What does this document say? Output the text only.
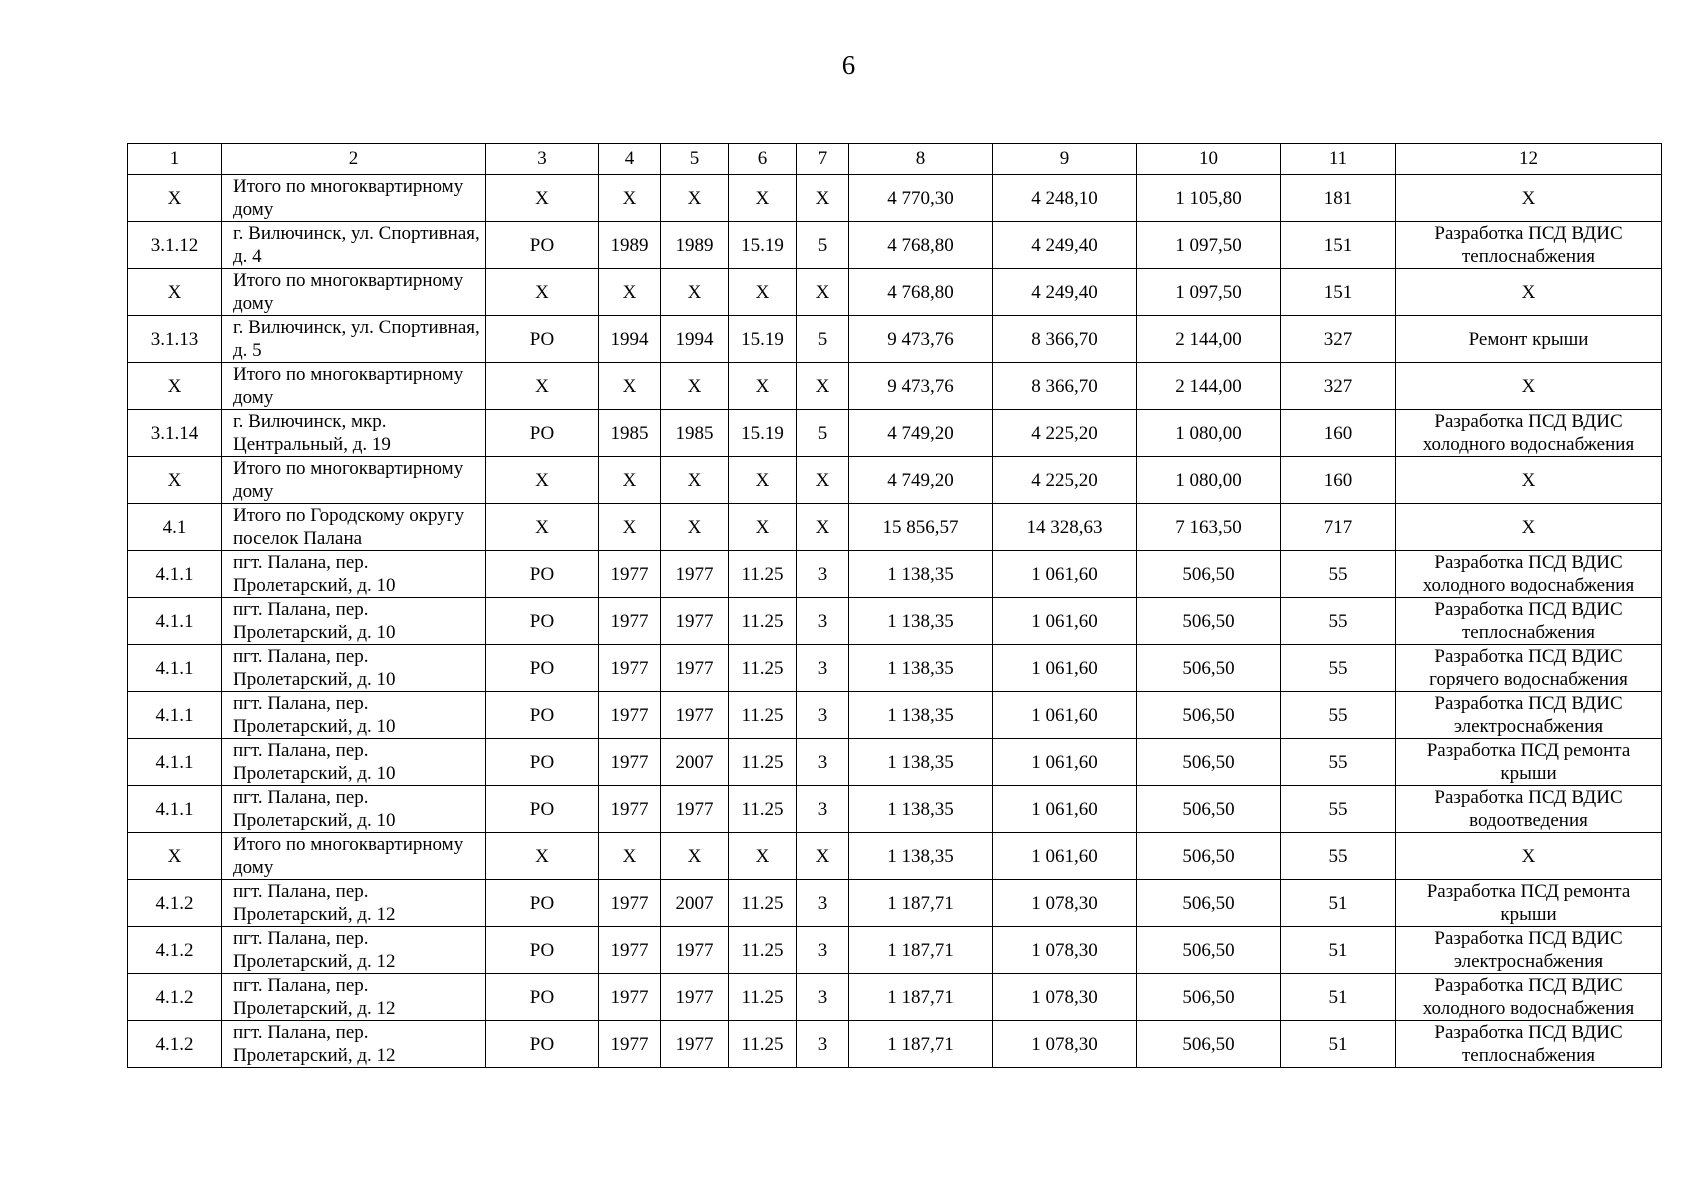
6
1	2	3	4	5	6	7	8	9	10	11	12
X	Итого по многоквартирному дому	X	X	X	X	X	4 770,30	4 248,10	1 105,80	181	X
3.1.12	г. Вилючинск, ул. Спортивная, д. 4	РО	1989	1989	15.19	5	4 768,80	4 249,40	1 097,50	151	Разработка ПСД ВДИС теплоснабжения
X	Итого по многоквартирному дому	X	X	X	X	X	4 768,80	4 249,40	1 097,50	151	X
3.1.13	г. Вилючинск, ул. Спортивная, д. 5	РО	1994	1994	15.19	5	9 473,76	8 366,70	2 144,00	327	Ремонт крыши
X	Итого по многоквартирному дому	X	X	X	X	X	9 473,76	8 366,70	2 144,00	327	X
3.1.14	г. Вилючинск, мкр. Центральный, д. 19	РО	1985	1985	15.19	5	4 749,20	4 225,20	1 080,00	160	Разработка ПСД ВДИС холодного водоснабжения
X	Итого по многоквартирному дому	X	X	X	X	X	4 749,20	4 225,20	1 080,00	160	X
4.1	Итого по Городскому округу поселок Палана	X	X	X	X	X	15 856,57	14 328,63	7 163,50	717	X
4.1.1	пгт. Палана, пер. Пролетарский, д. 10	РО	1977	1977	11.25	3	1 138,35	1 061,60	506,50	55	Разработка ПСД ВДИС холодного водоснабжения
4.1.1	пгт. Палана, пер. Пролетарский, д. 10	РО	1977	1977	11.25	3	1 138,35	1 061,60	506,50	55	Разработка ПСД ВДИС теплоснабжения
4.1.1	пгт. Палана, пер. Пролетарский, д. 10	РО	1977	1977	11.25	3	1 138,35	1 061,60	506,50	55	Разработка ПСД ВДИС горячего водоснабжения
4.1.1	пгт. Палана, пер. Пролетарский, д. 10	РО	1977	1977	11.25	3	1 138,35	1 061,60	506,50	55	Разработка ПСД ВДИС электроснабжения
4.1.1	пгт. Палана, пер. Пролетарский, д. 10	РО	1977	2007	11.25	3	1 138,35	1 061,60	506,50	55	Разработка ПСД ремонта крыши
4.1.1	пгт. Палана, пер. Пролетарский, д. 10	РО	1977	1977	11.25	3	1 138,35	1 061,60	506,50	55	Разработка ПСД ВДИС водоотведения
X	Итого по многоквартирному дому	X	X	X	X	X	1 138,35	1 061,60	506,50	55	X
4.1.2	пгт. Палана, пер. Пролетарский, д. 12	РО	1977	2007	11.25	3	1 187,71	1 078,30	506,50	51	Разработка ПСД ремонта крыши
4.1.2	пгт. Палана, пер. Пролетарский, д. 12	РО	1977	1977	11.25	3	1 187,71	1 078,30	506,50	51	Разработка ПСД ВДИС электроснабжения
4.1.2	пгт. Палана, пер. Пролетарский, д. 12	РО	1977	1977	11.25	3	1 187,71	1 078,30	506,50	51	Разработка ПСД ВДИС холодного водоснабжения
4.1.2	пгт. Палана, пер. Пролетарский, д. 12	РО	1977	1977	11.25	3	1 187,71	1 078,30	506,50	51	Разработка ПСД ВДИС теплоснабжения
